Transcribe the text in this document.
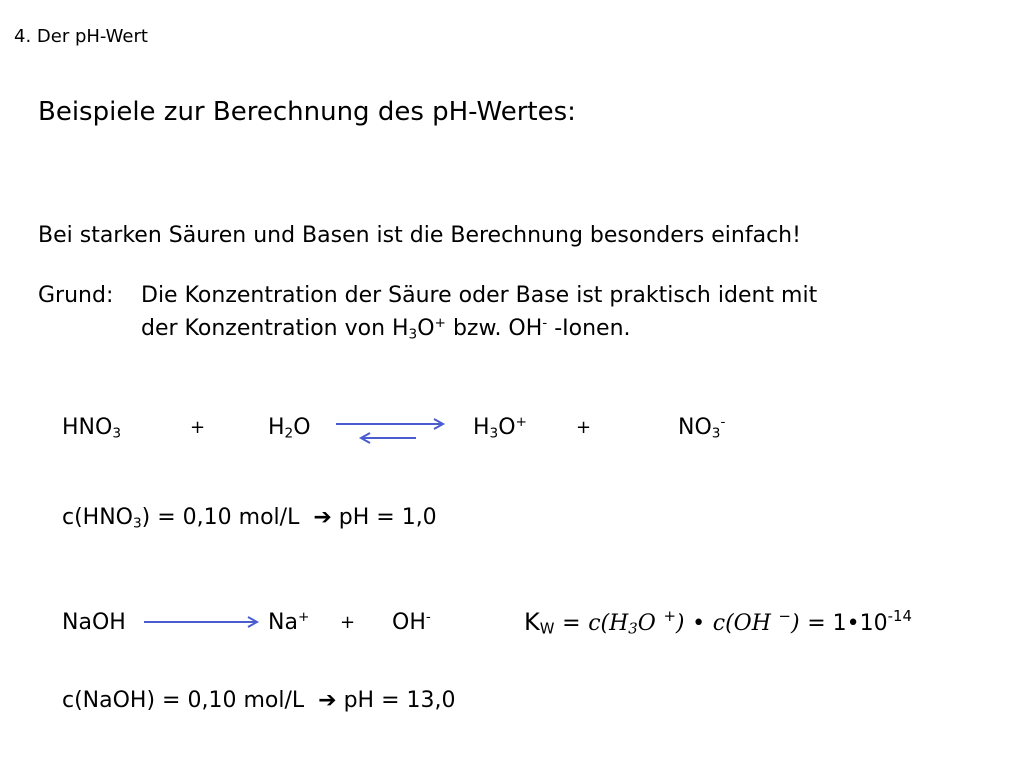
4. Der pH-Wert
Beispiele zur Berechnung des pH-Wertes:
Bei starken Säuren und Basen ist die Berechnung besonders einfach!
Grund: Die Konzentration der Säure oder Base ist praktisch ident mit
der Konzentration von $H_3O^+$ bzw. OH- -Ionen.
$HNO_3$	+	$H_2O$	$H_3O^+$	+	$NO_3^-$
$c(HNO_3) = 0,10$ mol/L ➔ pH = 1,0
NaOH	Na+ + OH-	$K_W = c(H_3O$ +) • c(OH $^-) = 1•10^{-14}$
c(NaOH) = 0,10 mol/L ➔ pH = 13,0
